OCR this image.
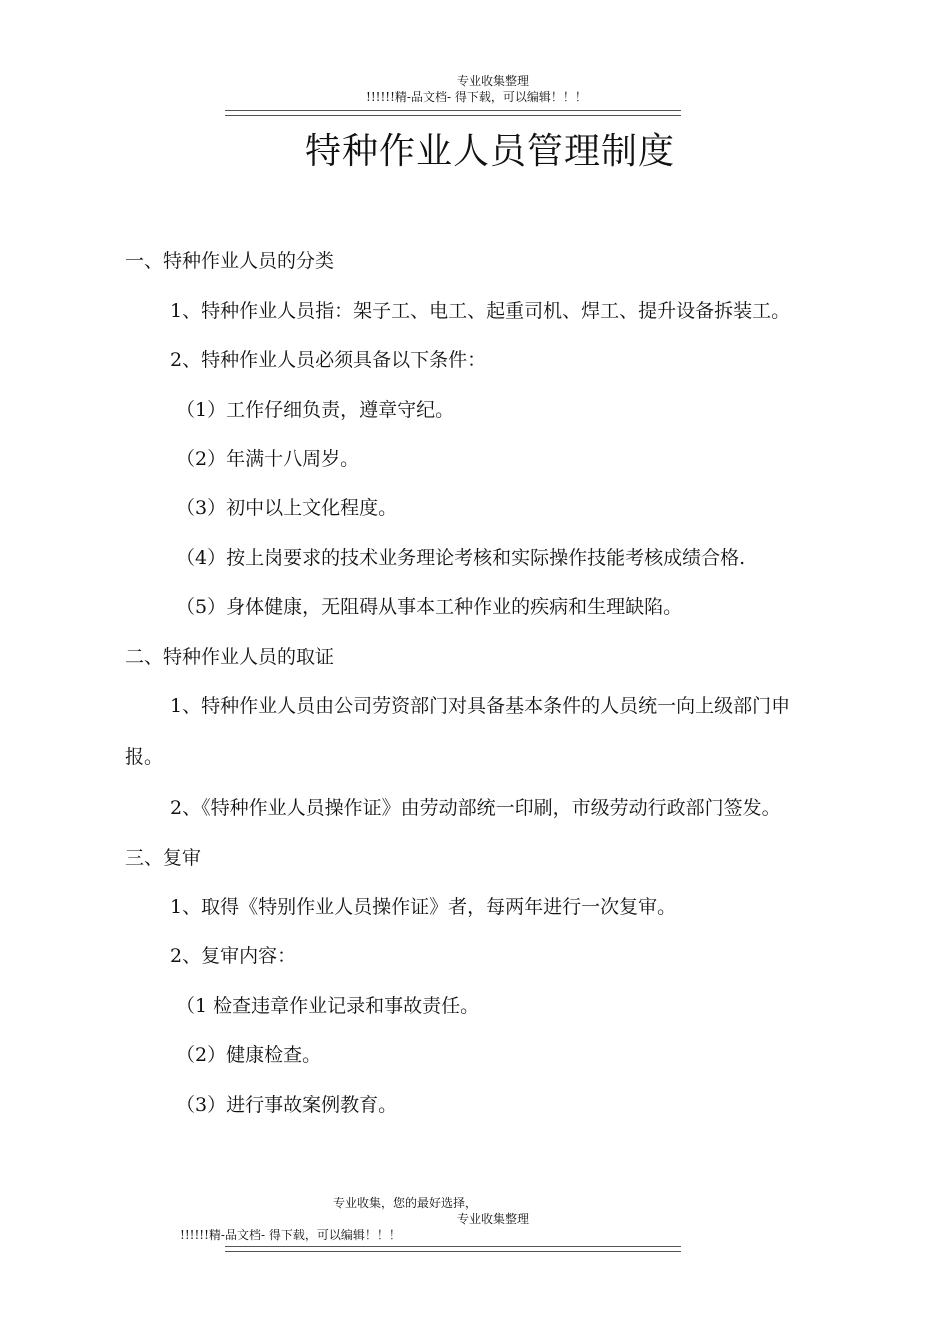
专业收集整理
!!!!!!精-品文档- 得下载，可以编辑！！！
特种作业人员管理制度
一、特种作业人员的分类
1、特种作业人员指：架子工、电工、起重司机、焊工、提升设备拆装工。
2、特种作业人员必须具备以下条件：
（1）工作仔细负责，遵章守纪。
（2）年满十八周岁。
（3）初中以上文化程度。
（4）按上岗要求的技术业务理论考核和实际操作技能考核成绩合格.
（5）身体健康，无阻碍从事本工种作业的疾病和生理缺陷。
二、特种作业人员的取证
1、特种作业人员由公司劳资部门对具备基本条件的人员统一向上级部门申
报。
2、《特种作业人员操作证》由劳动部统一印刷，市级劳动行政部门签发。
三、复审
1、取得《特别作业人员操作证》者，每两年进行一次复审。
2、复审内容：
（1 检查违章作业记录和事故责任。
（2）健康检查。
（3）进行事故案例教育。
专业收集，您的最好选择，
专业收集整理
!!!!!!精-品文档- 得下载，可以编辑！！！
